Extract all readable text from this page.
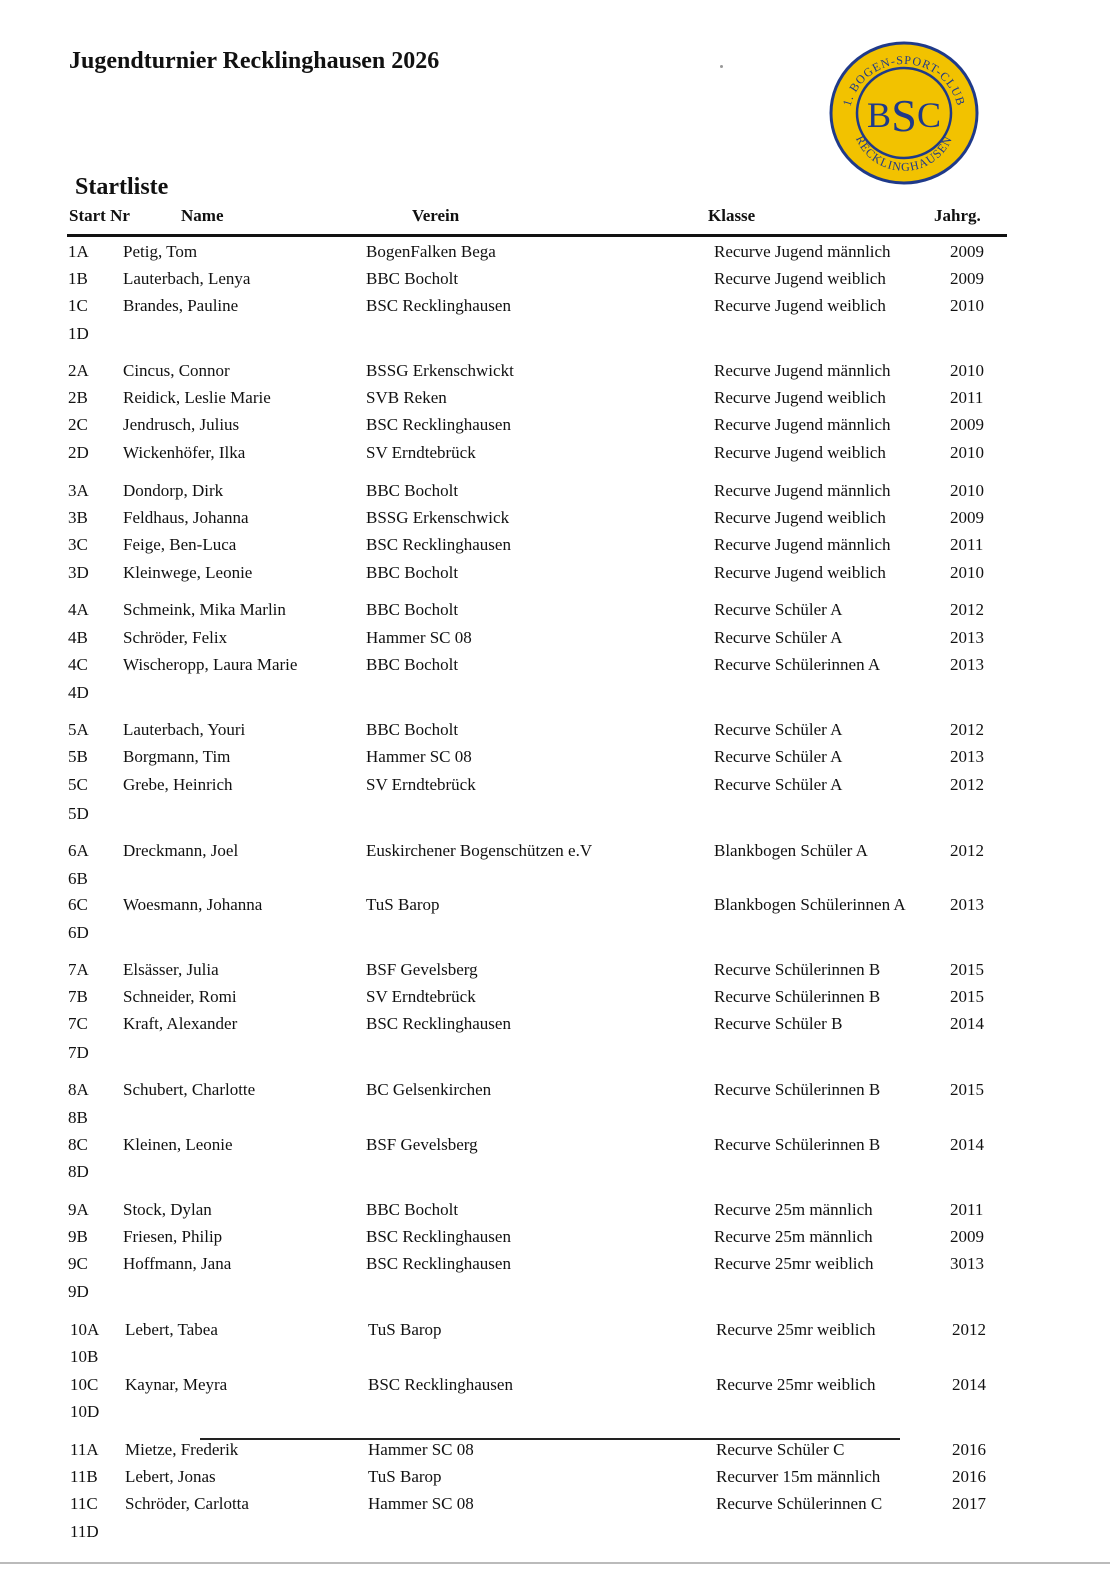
Jugendturnier Recklinghausen 2026
1. BOGEN-SPORT-CLUB
RECKLINGHAUSEN
B S C
Startliste
Start Nr	Name	Verein	Klasse	Jahrg.
1A Petig, Tom	BogenFalken Bega	Recurve Jugend männlich	2009
1B Lauterbach, Lenya	BBC Bocholt	Recurve Jugend weiblich	2009
1C Brandes, Pauline	BSC Recklinghausen	Recurve Jugend weiblich	2010
1D
2A Cincus, Connor	BSSG Erkenschwickt	Recurve Jugend männlich	2010
2B Reidick, Leslie Marie	SVB Reken	Recurve Jugend weiblich	2011
2C Jendrusch, Julius	BSC Recklinghausen	Recurve Jugend männlich	2009
2D Wickenhöfer, Ilka	SV Erndtebrück	Recurve Jugend weiblich	2010
3A Dondorp, Dirk	BBC Bocholt	Recurve Jugend männlich	2010
3B Feldhaus, Johanna	BSSG Erkenschwick	Recurve Jugend weiblich	2009
3C Feige, Ben-Luca	BSC Recklinghausen	Recurve Jugend männlich	2011
3D Kleinwege, Leonie	BBC Bocholt	Recurve Jugend weiblich	2010
4A Schmeink, Mika Marlin	BBC Bocholt	Recurve Schüler A	2012
4B Schröder, Felix	Hammer SC 08	Recurve Schüler A	2013
4C Wischeropp, Laura Marie	BBC Bocholt	Recurve Schülerinnen A	2013
4D
5A Lauterbach, Youri	BBC Bocholt	Recurve Schüler A	2012
5B Borgmann, Tim	Hammer SC 08	Recurve Schüler A	2013
5C Grebe, Heinrich	SV Erndtebrück	Recurve Schüler A	2012
5D
6A Dreckmann, Joel	Euskirchener Bogenschützen e.V	Blankbogen Schüler A	2012
6B
6C Woesmann, Johanna	TuS Barop	Blankbogen Schülerinnen A	2013
6D
7A Elsässer, Julia	BSF Gevelsberg	Recurve Schülerinnen B	2015
7B Schneider, Romi	SV Erndtebrück	Recurve Schülerinnen B	2015
7C Kraft, Alexander	BSC Recklinghausen	Recurve Schüler B	2014
7D
8A Schubert, Charlotte	BC Gelsenkirchen	Recurve Schülerinnen B	2015
8B
8C Kleinen, Leonie	BSF Gevelsberg	Recurve Schülerinnen B	2014
8D
9A Stock, Dylan	BBC Bocholt	Recurve 25m männlich	2011
9B Friesen, Philip	BSC Recklinghausen	Recurve 25m männlich	2009
9C Hoffmann, Jana	BSC Recklinghausen	Recurve 25mr weiblich	3013
9D
10A Lebert, Tabea	TuS Barop	Recurve 25mr weiblich	2012
10B
10C Kaynar, Meyra	BSC Recklinghausen	Recurve 25mr weiblich	2014
10D
11A Mietze, Frederik	Hammer SC 08	Recurve Schüler C	2016
11B Lebert, Jonas	TuS Barop	Recurver 15m männlich	2016
11C Schröder, Carlotta	Hammer SC 08	Recurve Schülerinnen C	2017
11D
